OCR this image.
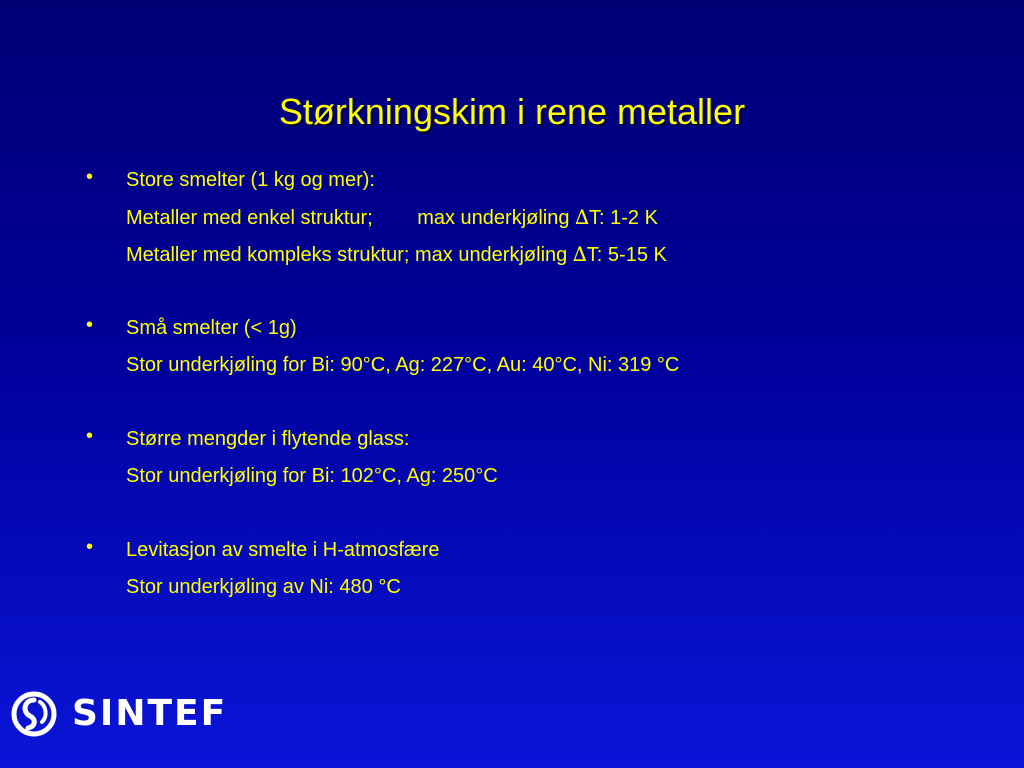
Størkningskim i rene metaller
•	Store smelter (1 kg og mer):
Metaller med enkel struktur;        max underkjøling ∆T: 1-2 K
Metaller med kompleks struktur; max underkjøling ∆T: 5-15 K
•	Små smelter (< 1g)
Stor underkjøling for Bi: 90°C, Ag: 227°C, Au: 40°C, Ni: 319 °C
•	Større mengder i flytende glass:
Stor underkjøling for Bi: 102°C, Ag: 250°C
•	Levitasjon av smelte i H-atmosfære
Stor underkjøling av Ni: 480 °C
SINTEF
